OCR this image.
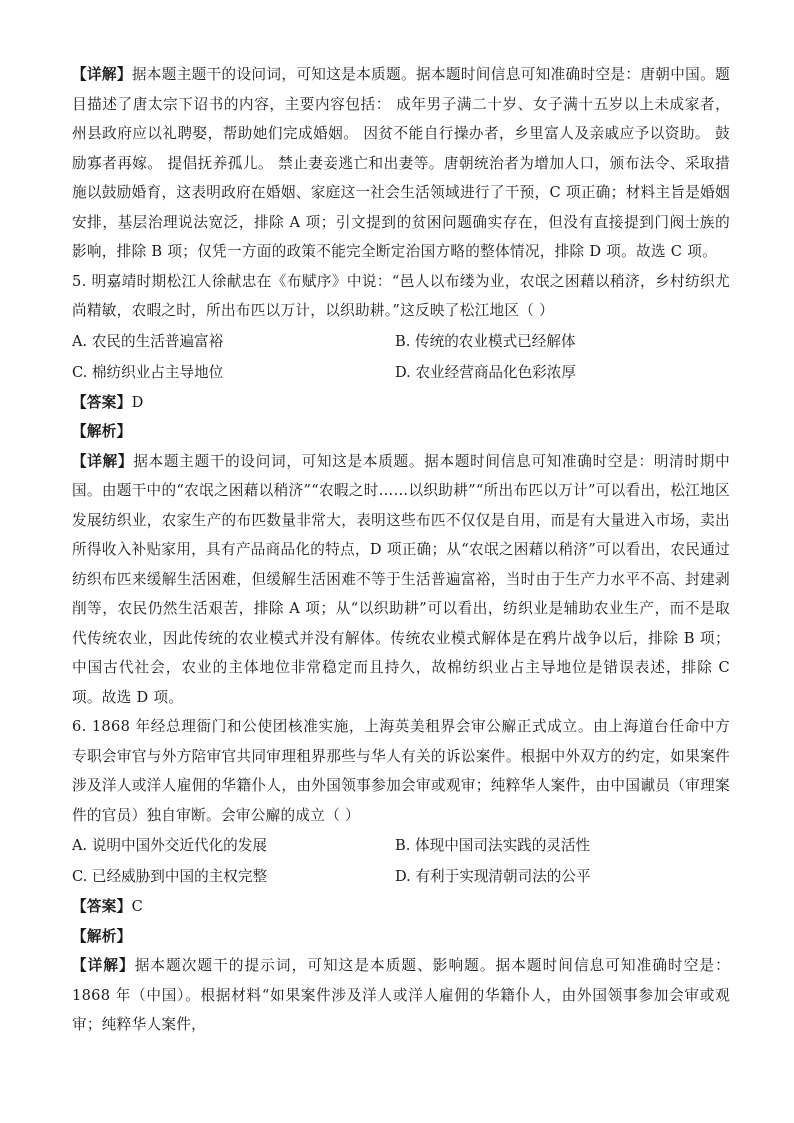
【详解】据本题主题干的设问词，可知这是本质题。据本题时间信息可知准确时空是：唐朝中国。题目描述了唐太宗下诏书的内容，主要内容包括： 成年男子满二十岁、女子满十五岁以上未成家者，州县政府应以礼聘娶，帮助她们完成婚姻。 因贫不能自行操办者，乡里富人及亲戚应予以资助。 鼓励寡者再嫁。 提倡抚养孤儿。 禁止妻妾逃亡和出妻等。唐朝统治者为增加人口，颁布法令、采取措施以鼓励婚育，这表明政府在婚姻、家庭这一社会生活领域进行了干预，C 项正确；材料主旨是婚姻安排，基层治理说法宽泛，排除 A 项；引文提到的贫困问题确实存在，但没有直接提到门阀士族的影响，排除 B 项；仅凭一方面的政策不能完全断定治国方略的整体情况，排除 D 项。故选 C 项。

5. 明嘉靖时期松江人徐献忠在《布赋序》中说：“邑人以布缕为业，农氓之困藉以稍济，乡村纺织尤尚精敏，农暇之时，所出布匹以万计，以织助耕。”这反映了松江地区（ ）

A. 农民的生活普遍富裕	B. 传统的农业模式已经解体
C. 棉纺织业占主导地位	D. 农业经营商品化色彩浓厚

【答案】D

【解析】

【详解】据本题主题干的设问词，可知这是本质题。据本题时间信息可知准确时空是：明清时期中国。由题干中的“农氓之困藉以稍济”“农暇之时……以织助耕”“所出布匹以万计”可以看出，松江地区发展纺织业，农家生产的布匹数量非常大，表明这些布匹不仅仅是自用，而是有大量进入市场，卖出所得收入补贴家用，具有产品商品化的特点，D 项正确；从“农氓之困藉以稍济”可以看出，农民通过纺织布匹来缓解生活困难，但缓解生活困难不等于生活普遍富裕，当时由于生产力水平不高、封建剥削等，农民仍然生活艰苦，排除 A 项；从“以织助耕”可以看出，纺织业是辅助农业生产，而不是取代传统农业，因此传统的农业模式并没有解体。传统农业模式解体是在鸦片战争以后，排除 B 项；中国古代社会，农业的主体地位非常稳定而且持久，故棉纺织业占主导地位是错误表述，排除 C 项。故选 D 项。

6. 1868 年经总理衙门和公使团核准实施，上海英美租界会审公廨正式成立。由上海道台任命中方专职会审官与外方陪审官共同审理租界那些与华人有关的诉讼案件。根据中外双方的约定，如果案件涉及洋人或洋人雇佣的华籍仆人，由外国领事参加会审或观审；纯粹华人案件，由中国谳员（审理案件的官员）独自审断。会审公廨的成立（ ）

A. 说明中国外交近代化的发展	B. 体现中国司法实践的灵活性
C. 已经威胁到中国的主权完整	D. 有利于实现清朝司法的公平

【答案】C

【解析】

【详解】据本题次题干的提示词，可知这是本质题、影响题。据本题时间信息可知准确时空是：1868 年（中国）。根据材料“如果案件涉及洋人或洋人雇佣的华籍仆人，由外国领事参加会审或观审；纯粹华人案件，
